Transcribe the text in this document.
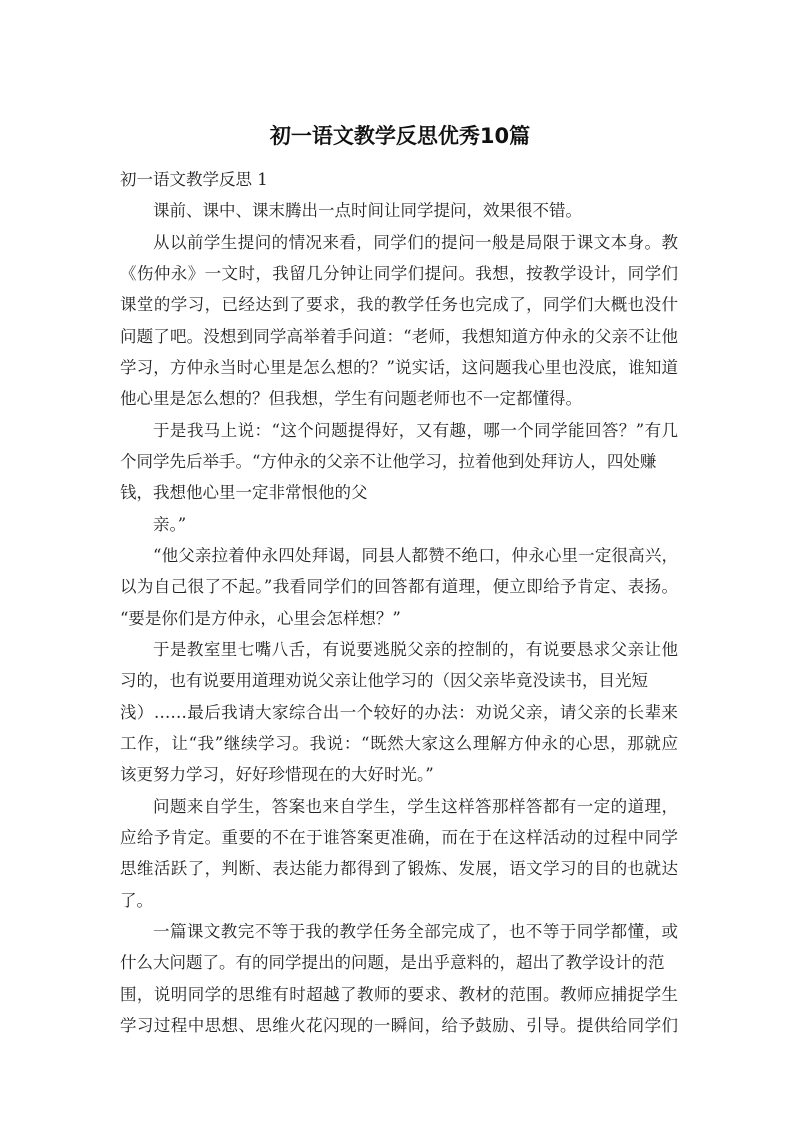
初一语文教学反思优秀10篇
初一语文教学反思 1
课前、课中、课末腾出一点时间让同学提问，效果很不错。
从以前学生提问的情况来看，同学们的提问一般是局限于课文本身。教
《伤仲永》一文时，我留几分钟让同学们提问。我想，按教学设计，同学们
课堂的学习，已经达到了要求，我的教学任务也完成了，同学们大概也没什
问题了吧。没想到同学高举着手问道：“老师，我想知道方仲永的父亲不让他
学习，方仲永当时心里是怎么想的？”说实话，这问题我心里也没底，谁知道
他心里是怎么想的？但我想，学生有问题老师也不一定都懂得。
于是我马上说：“这个问题提得好，又有趣，哪一个同学能回答？”有几
个同学先后举手。“方仲永的父亲不让他学习，拉着他到处拜访人，四处赚
钱，我想他心里一定非常恨他的父
亲。”
“他父亲拉着仲永四处拜谒，同县人都赞不绝口，仲永心里一定很高兴，
以为自己很了不起。”我看同学们的回答都有道理，便立即给予肯定、表扬。
“要是你们是方仲永，心里会怎样想？”
于是教室里七嘴八舌，有说要逃脱父亲的控制的，有说要恳求父亲让他
习的，也有说要用道理劝说父亲让他学习的（因父亲毕竟没读书，目光短
浅）……最后我请大家综合出一个较好的办法：劝说父亲，请父亲的长辈来
工作，让“我”继续学习。我说：“既然大家这么理解方仲永的心思，那就应
该更努力学习，好好珍惜现在的大好时光。”
问题来自学生，答案也来自学生，学生这样答那样答都有一定的道理，
应给予肯定。重要的不在于谁答案更准确，而在于在这样活动的过程中同学
思维活跃了，判断、表达能力都得到了锻炼、发展，语文学习的目的也就达
了。
一篇课文教完不等于我的教学任务全部完成了，也不等于同学都懂，或
什么大问题了。有的同学提出的问题，是出乎意料的，超出了教学设计的范
围，说明同学的思维有时超越了教师的要求、教材的范围。教师应捕捉学生
学习过程中思想、思维火花闪现的一瞬间，给予鼓励、引导。提供给同学们
